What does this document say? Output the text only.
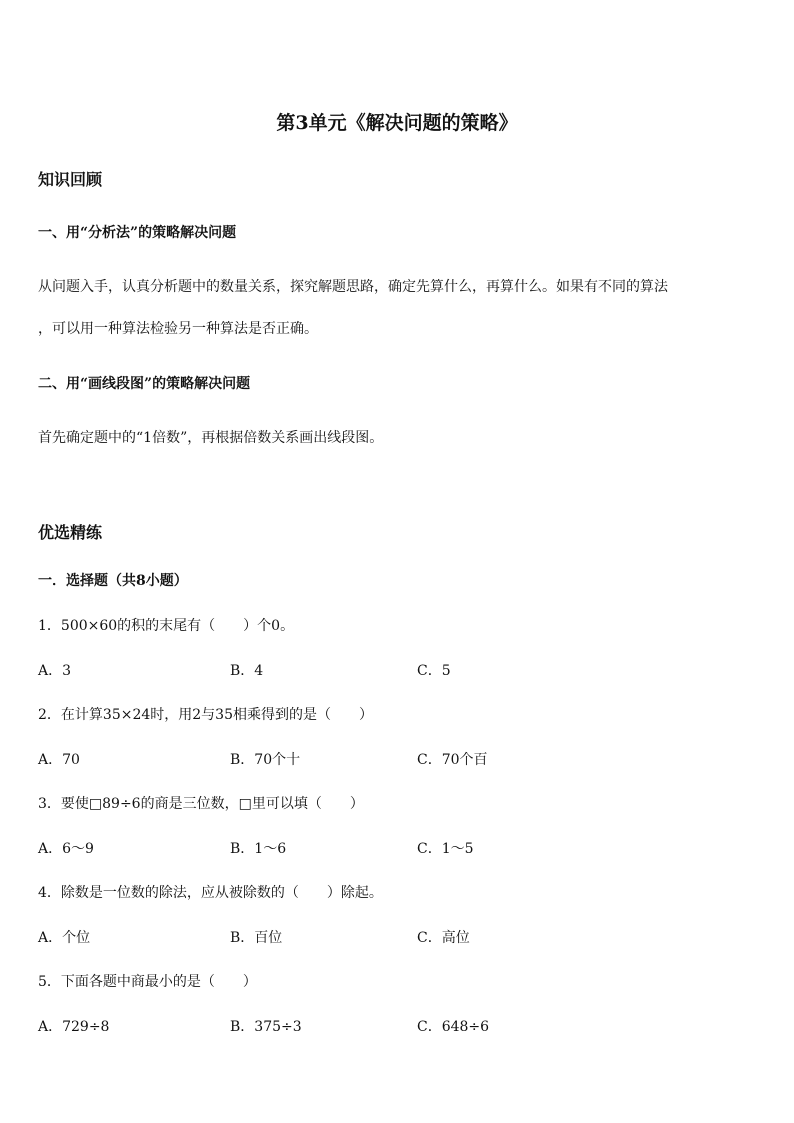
第3单元《解决问题的策略》
知识回顾
一、用“分析法”的策略解决问题
从问题入手，认真分析题中的数量关系，探究解题思路，确定先算什么，再算什么。如果有不同的算法
，可以用一种算法检验另一种算法是否正确。
二、用“画线段图”的策略解决问题
首先确定题中的“1倍数”，再根据倍数关系画出线段图。
优选精练
一．选择题（共8小题）
1．500×60的积的末尾有（　　）个0。
A．3	B．4	C．5
2．在计算35×24时，用2与35相乘得到的是（　　）
A．70	B．70个十	C．70个百
3．要使□89÷6的商是三位数，□里可以填（　　）
A．6～9	B．1～6	C．1～5
4．除数是一位数的除法，应从被除数的（　　）除起。
A．个位	B．百位	C．高位
5．下面各题中商最小的是（　　）
A．729÷8	B．375÷3	C．648÷6
